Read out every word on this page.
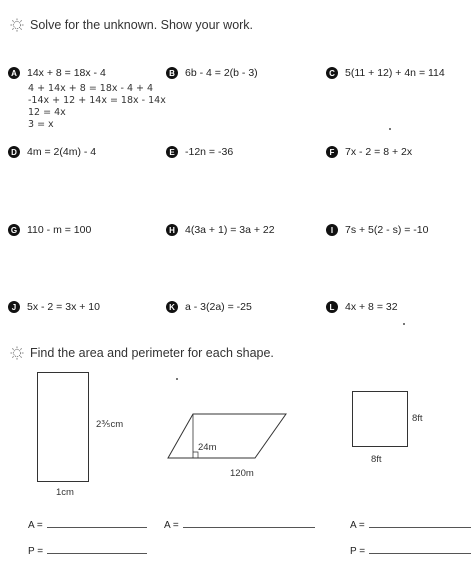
Solve for the unknown. Show your work.
A 14x + 8 = 18x - 4	B 6b - 4 = 2(b - 3)	C 5(11 + 12) + 4n = 114
4 + 14x + 8 = 18x - 4 + 4
-14x + 12 + 14x = 18x - 14x
12 = 4x
3 = x
D 4m = 2(4m) - 4	E -12n = -36	F	7x - 2 = 8 + 2x
G 110 - m = 100	H 4(3a + 1) = 3a + 22	I	7s + 5(2 - s) = -10
J	5x - 2 = 3x + 10	K a - 3(2a) = -25	L	4x + 8 = 32
Find the area and perimeter for each shape.
2⅗cm
1cm
24m
120m
8ft
8ft
A =
P =
A =	A =
P =
